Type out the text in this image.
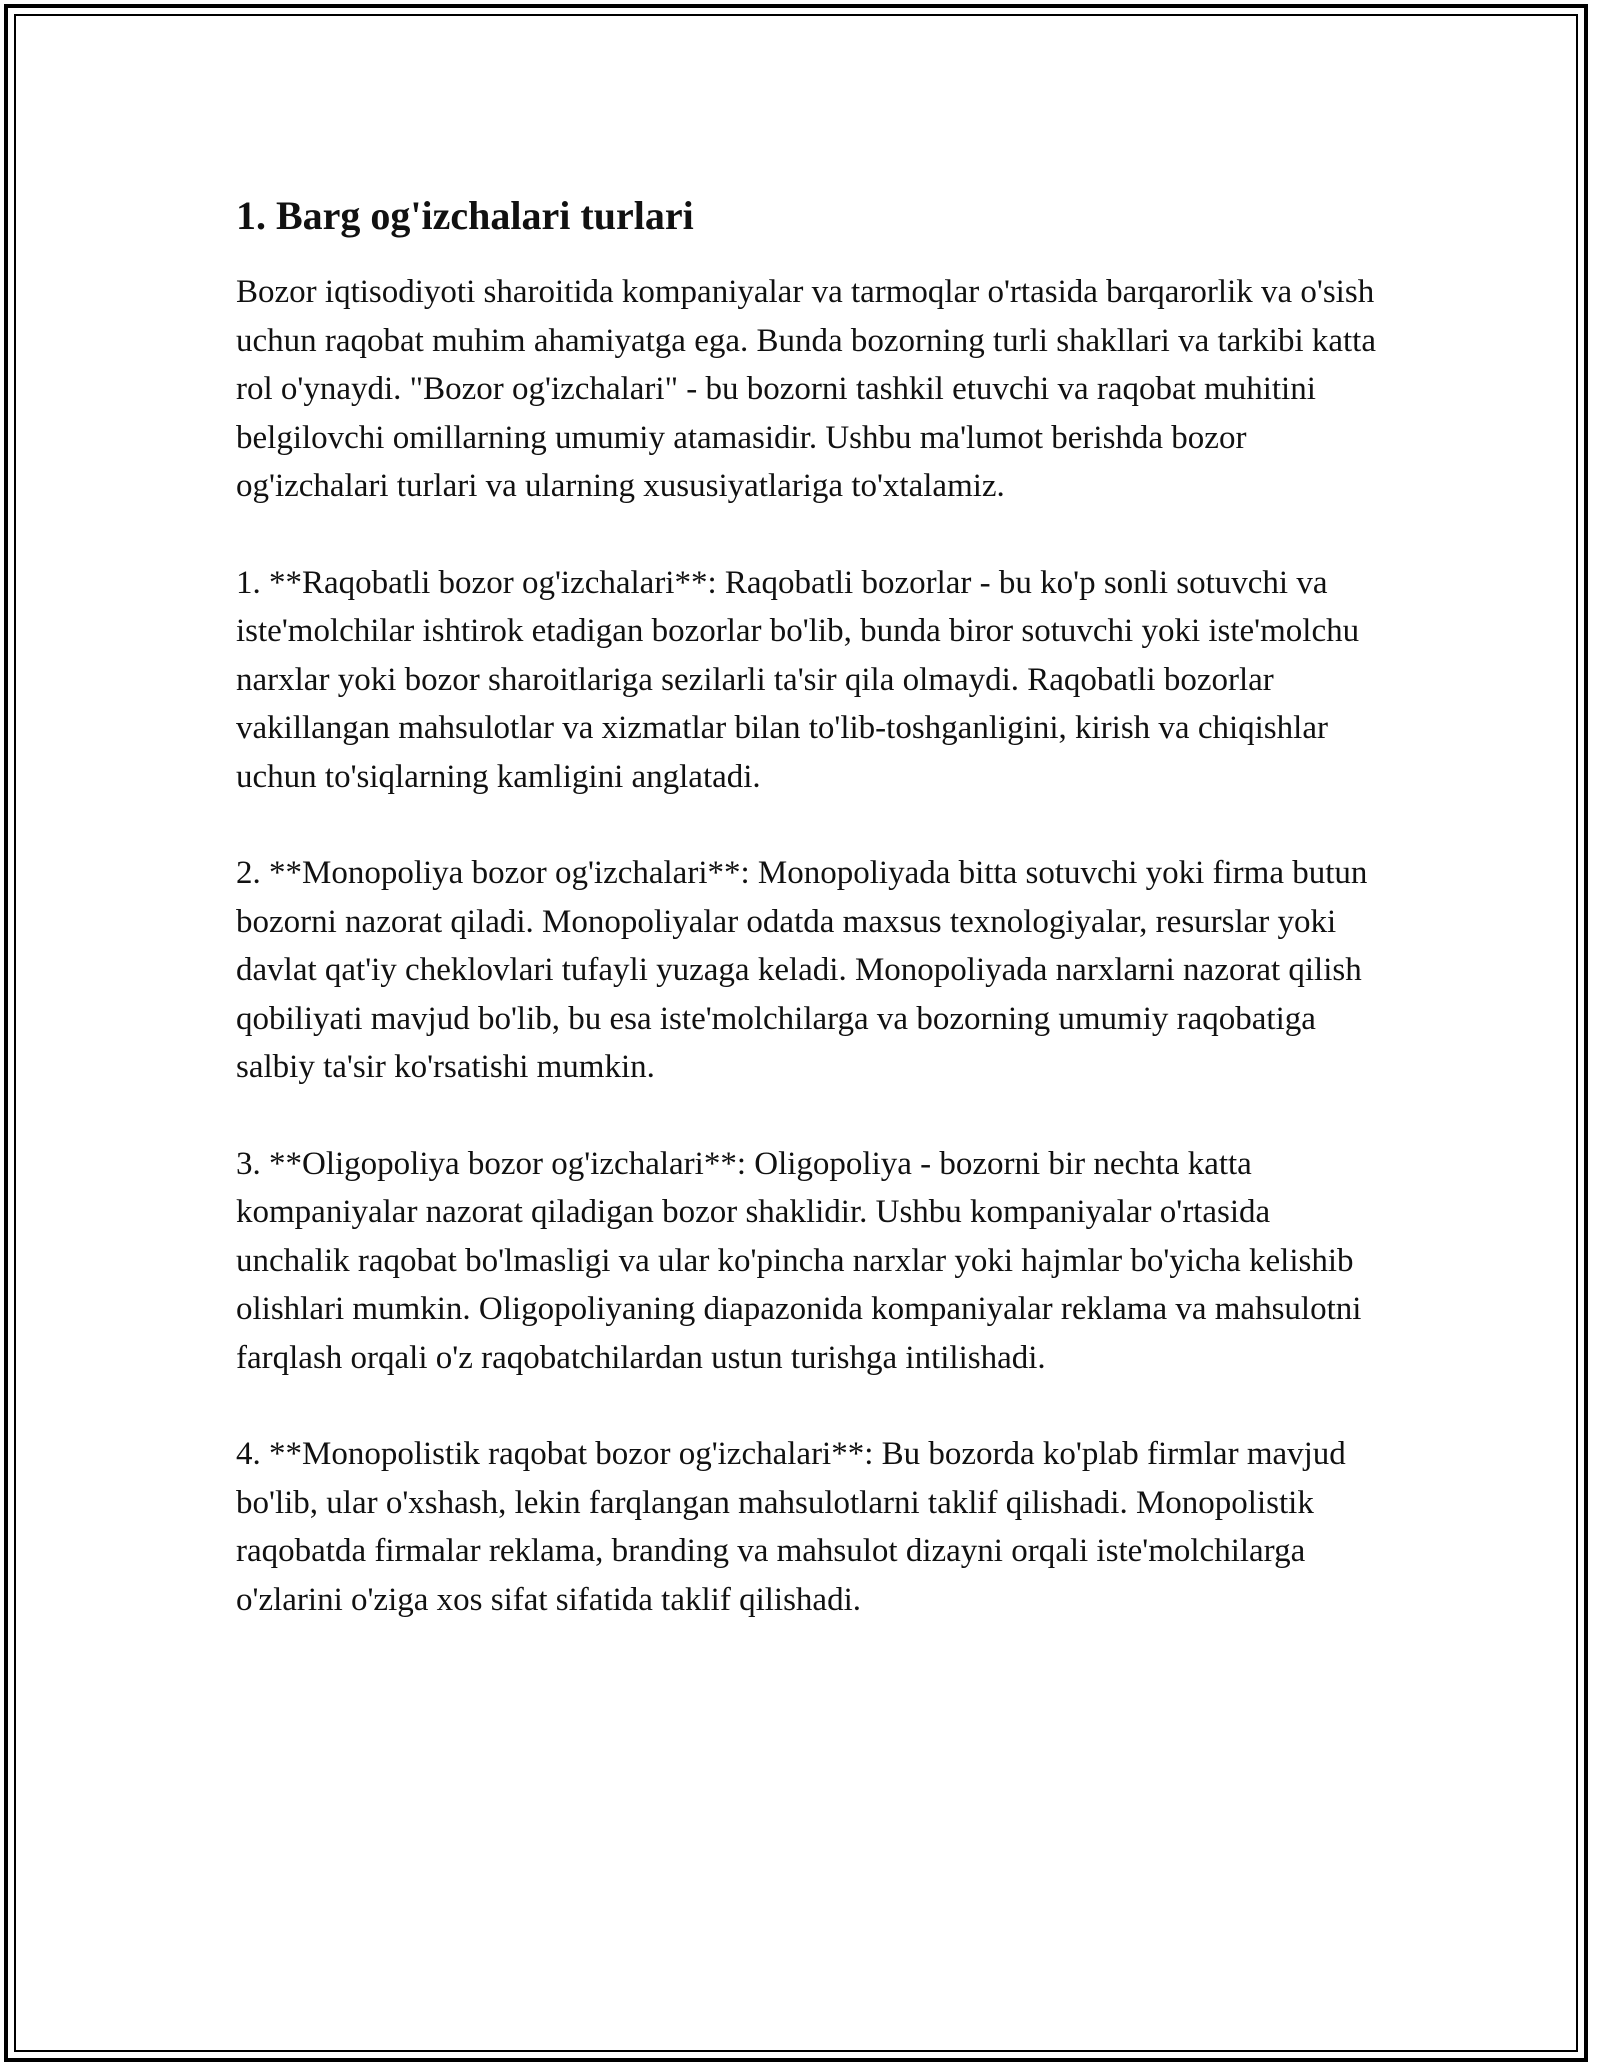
1. Barg og'izchalari turlari

Bozor iqtisodiyoti sharoitida kompaniyalar va tarmoqlar o'rtasida barqarorlik va o'sish uchun raqobat muhim ahamiyatga ega. Bunda bozorning turli shakllari va tarkibi katta rol o'ynaydi. "Bozor og'izchalari" - bu bozorni tashkil etuvchi va raqobat muhitini belgilovchi omillarning umumiy atamasidir. Ushbu ma'lumot berishda bozor og'izchalari turlari va ularning xususiyatlariga to'xtalamiz.

1. **Raqobatli bozor og'izchalari**: Raqobatli bozorlar - bu ko'p sonli sotuvchi va iste'molchilar ishtirok etadigan bozorlar bo'lib, bunda biror sotuvchi yoki iste'molchu narxlar yoki bozor sharoitlariga sezilarli ta'sir qila olmaydi. Raqobatli bozorlar vakillangan mahsulotlar va xizmatlar bilan to'lib-toshganligini, kirish va chiqishlar uchun to'siqlarning kamligini anglatadi.

2. **Monopoliya bozor og'izchalari**: Monopoliyada bitta sotuvchi yoki firma butun bozorni nazorat qiladi. Monopoliyalar odatda maxsus texnologiyalar, resurslar yoki davlat qat'iy cheklovlari tufayli yuzaga keladi. Monopoliyada narxlarni nazorat qilish qobiliyati mavjud bo'lib, bu esa iste'molchilarga va bozorning umumiy raqobatiga salbiy ta'sir ko'rsatishi mumkin.

3. **Oligopoliya bozor og'izchalari**: Oligopoliya - bozorni bir nechta katta kompaniyalar nazorat qiladigan bozor shaklidir. Ushbu kompaniyalar o'rtasida unchalik raqobat bo'lmasligi va ular ko'pincha narxlar yoki hajmlar bo'yicha kelishib olishlari mumkin. Oligopoliyaning diapazonida kompaniyalar reklama va mahsulotni farqlash orqali o'z raqobatchilardan ustun turishga intilishadi.

4. **Monopolistik raqobat bozor og'izchalari**: Bu bozorda ko'plab firmlar mavjud bo'lib, ular o'xshash, lekin farqlangan mahsulotlarni taklif qilishadi. Monopolistik raqobatda firmalar reklama, branding va mahsulot dizayni orqali iste'molchilarga o'zlarini o'ziga xos sifat sifatida taklif qilishadi.
